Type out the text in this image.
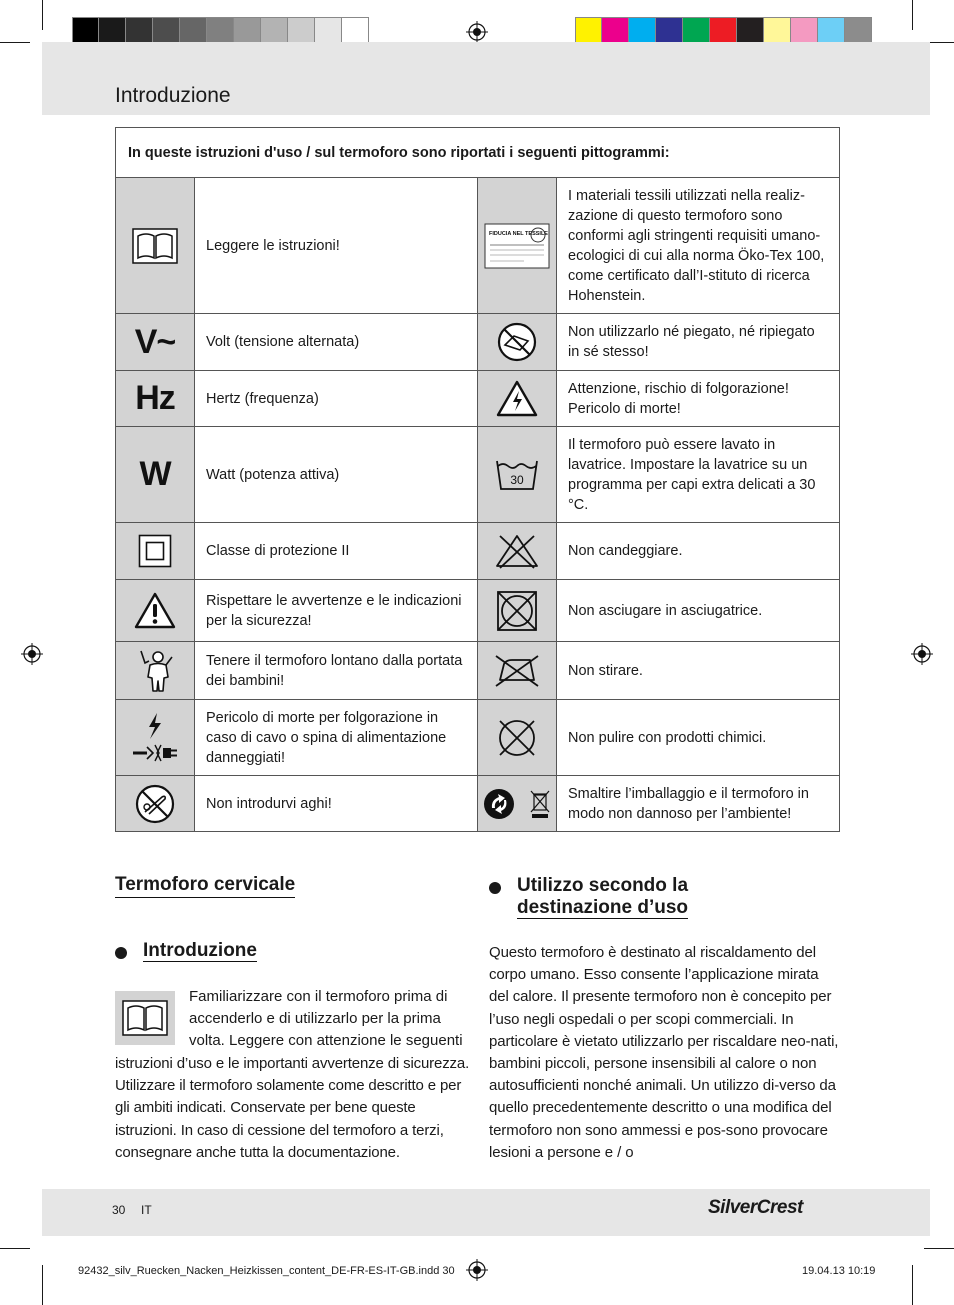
Introduzione
In queste istruzioni d'uso / sul termoforo sono riportati i seguenti pittogrammi:			

	Leggere le istruzioni!	FIDUCIA NEL TESSILE	I materiali tessili utilizzati nella realiz-zazione di questo termoforo sono conformi agli stringenti requisiti umano-ecologici di cui alla norma Öko-Tex 100, come certificato dall’I-stituto di ricerca Hohenstein.
V~	Volt (tensione alternata)		Non utilizzarlo né piegato, né ripiegato in sé stesso!
Hz	Hertz (frequenza)		Attenzione, rischio di folgorazione! Pericolo di morte!
W	Watt (potenza attiva)	30	Il termoforo può essere lavato in lavatrice. Impostare la lavatrice su un programma per capi extra delicati a 30 °C.

	Classe di protezione II		Non candeggiare.

	Rispettare le avvertenze e le indicazioni per la sicurezza!		Non asciugare in asciugatrice.

	Tenere il termoforo lontano dalla portata dei bambini!		Non stirare.

	Pericolo di morte per folgorazione in caso di cavo o spina di alimentazione danneggiati!		Non pulire con prodotti chimici.

	Non introdurvi aghi!		Smaltire l’imballaggio e il termoforo in modo non dannoso per l’ambiente!
Termoforo cervicale
Introduzione

Familiarizzare con il termoforo prima di accenderlo e di utilizzarlo per la prima volta. Leggere con attenzione le seguenti

istruzioni d’uso e le importanti avvertenze di sicurezza. Utilizzare il termoforo solamente come descritto e per gli ambiti indicati. Conservate per bene queste istruzioni. In caso di cessione del termoforo a terzi, consegnare anche tutta la documentazione.

Utilizzo secondo la
destinazione d’uso

Questo termoforo è destinato al riscaldamento del corpo umano. Esso consente l’applicazione mirata del calore. Il presente termoforo non è concepito per l’uso negli ospedali o per scopi commerciali. In particolare è vietato utilizzarlo per riscaldare neo-nati, bambini piccoli, persone insensibili al calore o non autosufficienti nonché animali. Un utilizzo di-verso da quello precedentemente descritto o una modifica del termoforo non sono ammessi e pos-sono provocare lesioni a persone e / o

30 IT	SilverCrest
92432_silv_Ruecken_Nacken_Heizkissen_content_DE-FR-ES-IT-GB.indd 30	19.04.13 10:19
